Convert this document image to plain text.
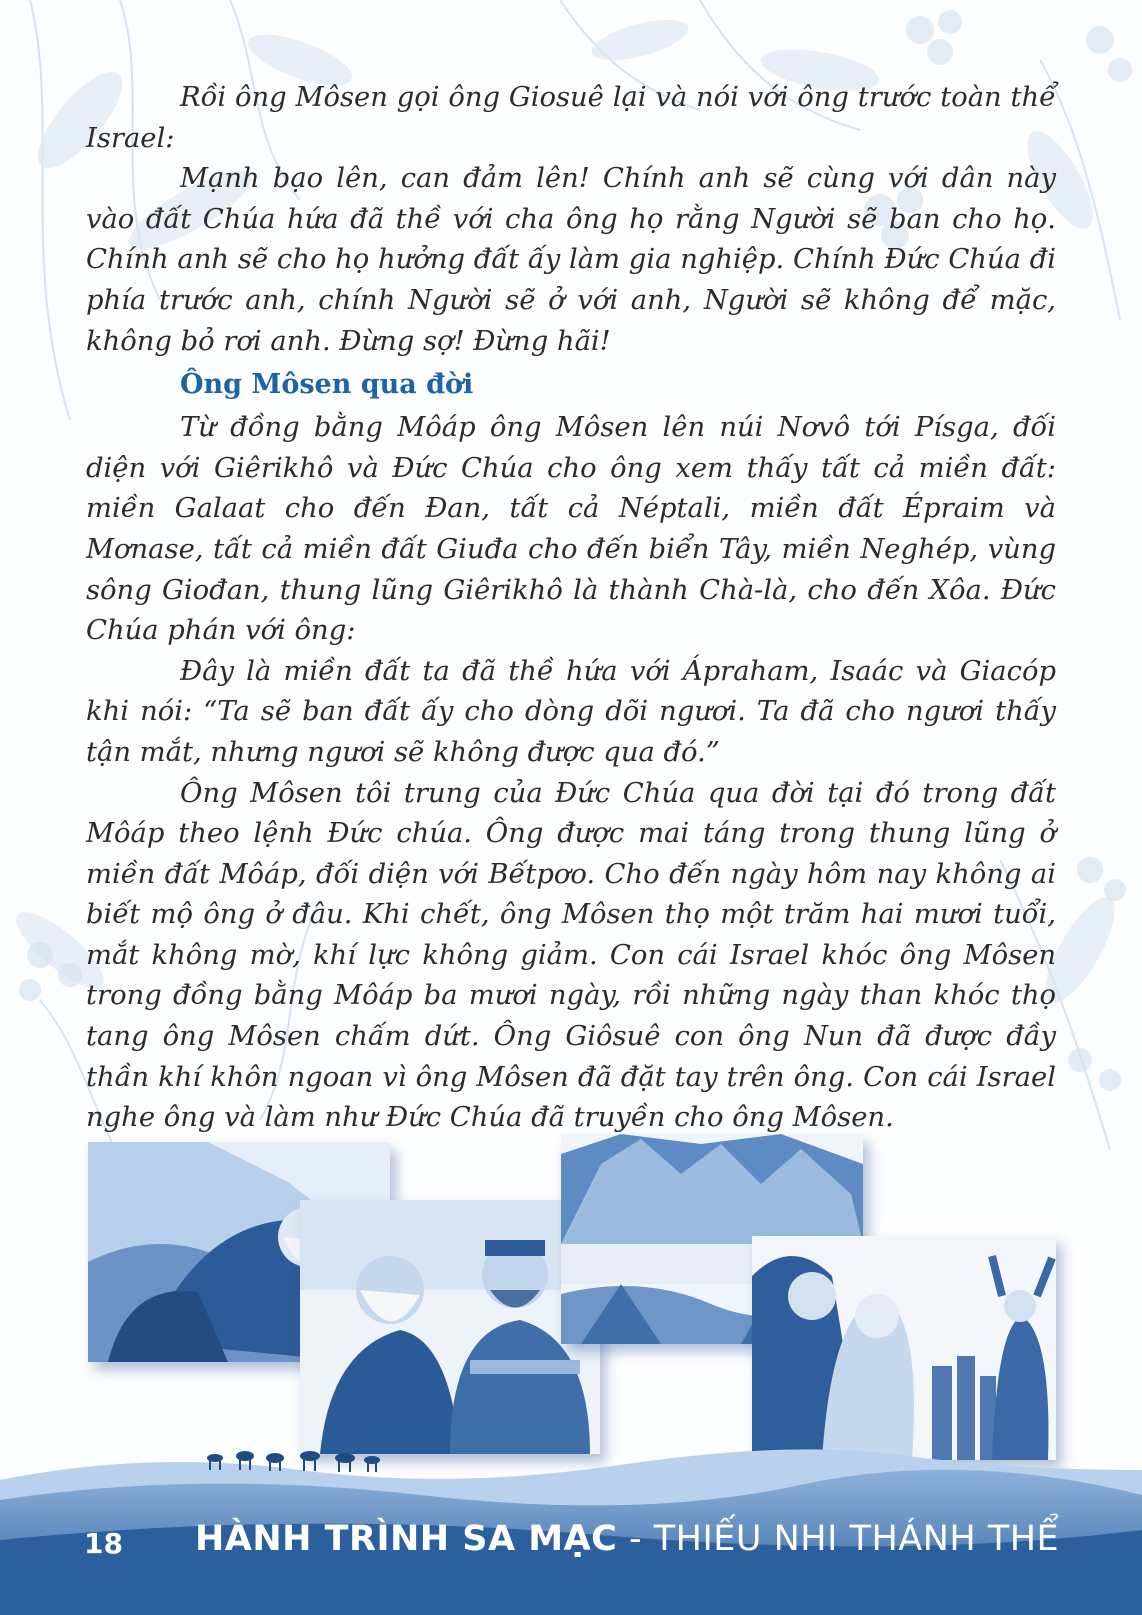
Rồi ông Môsen gọi ông Giosuê lại và nói với ông trước toàn thể Israel:

Mạnh bạo lên, can đảm lên! Chính anh sẽ cùng với dân này vào đất Chúa hứa đã thề với cha ông họ rằng Người sẽ ban cho họ. Chính anh sẽ cho họ hưởng đất ấy làm gia nghiệp. Chính Đức Chúa đi phía trước anh, chính Người sẽ ở với anh, Người sẽ không để mặc, không bỏ rơi anh. Đừng sợ! Đừng hãi!

Ông Môsen qua đời

Từ đồng bằng Môáp ông Môsen lên núi Nơvô tới Písga, đối diện với Giêrikhô và Đức Chúa cho ông xem thấy tất cả miền đất: miền Galaat cho đến Đan, tất cả Néptali, miền đất Épraim và Mơnase, tất cả miền đất Giuđa cho đến biển Tây, miền Neghép, vùng sông Giođan, thung lũng Giêrikhô là thành Chà-là, cho đến Xôa. Đức Chúa phán với ông:

Đây là miền đất ta đã thề hứa với Ápraham, Isaác và Giacóp khi nói: “Ta sẽ ban đất ấy cho dòng dõi ngươi. Ta đã cho ngươi thấy tận mắt, nhưng ngươi sẽ không được qua đó.”

Ông Môsen tôi trung của Đức Chúa qua đời tại đó trong đất Môáp theo lệnh Đức chúa. Ông được mai táng trong thung lũng ở miền đất Môáp, đối diện với Bếtpơo. Cho đến ngày hôm nay không ai biết mộ ông ở đâu. Khi chết, ông Môsen thọ một trăm hai mươi tuổi, mắt không mờ, khí lực không giảm. Con cái Israel khóc ông Môsen trong đồng bằng Môáp ba mươi ngày, rồi những ngày than khóc thọ tang ông Môsen chấm dứt. Ông Giôsuê con ông Nun đã được đầy thần khí khôn ngoan vì ông Môsen đã đặt tay trên ông. Con cái Israel nghe ông và làm như Đức Chúa đã truyền cho ông Môsen.

18 HÀNH TRÌNH SA MẠC - THIẾU NHI THÁNH THỂ
